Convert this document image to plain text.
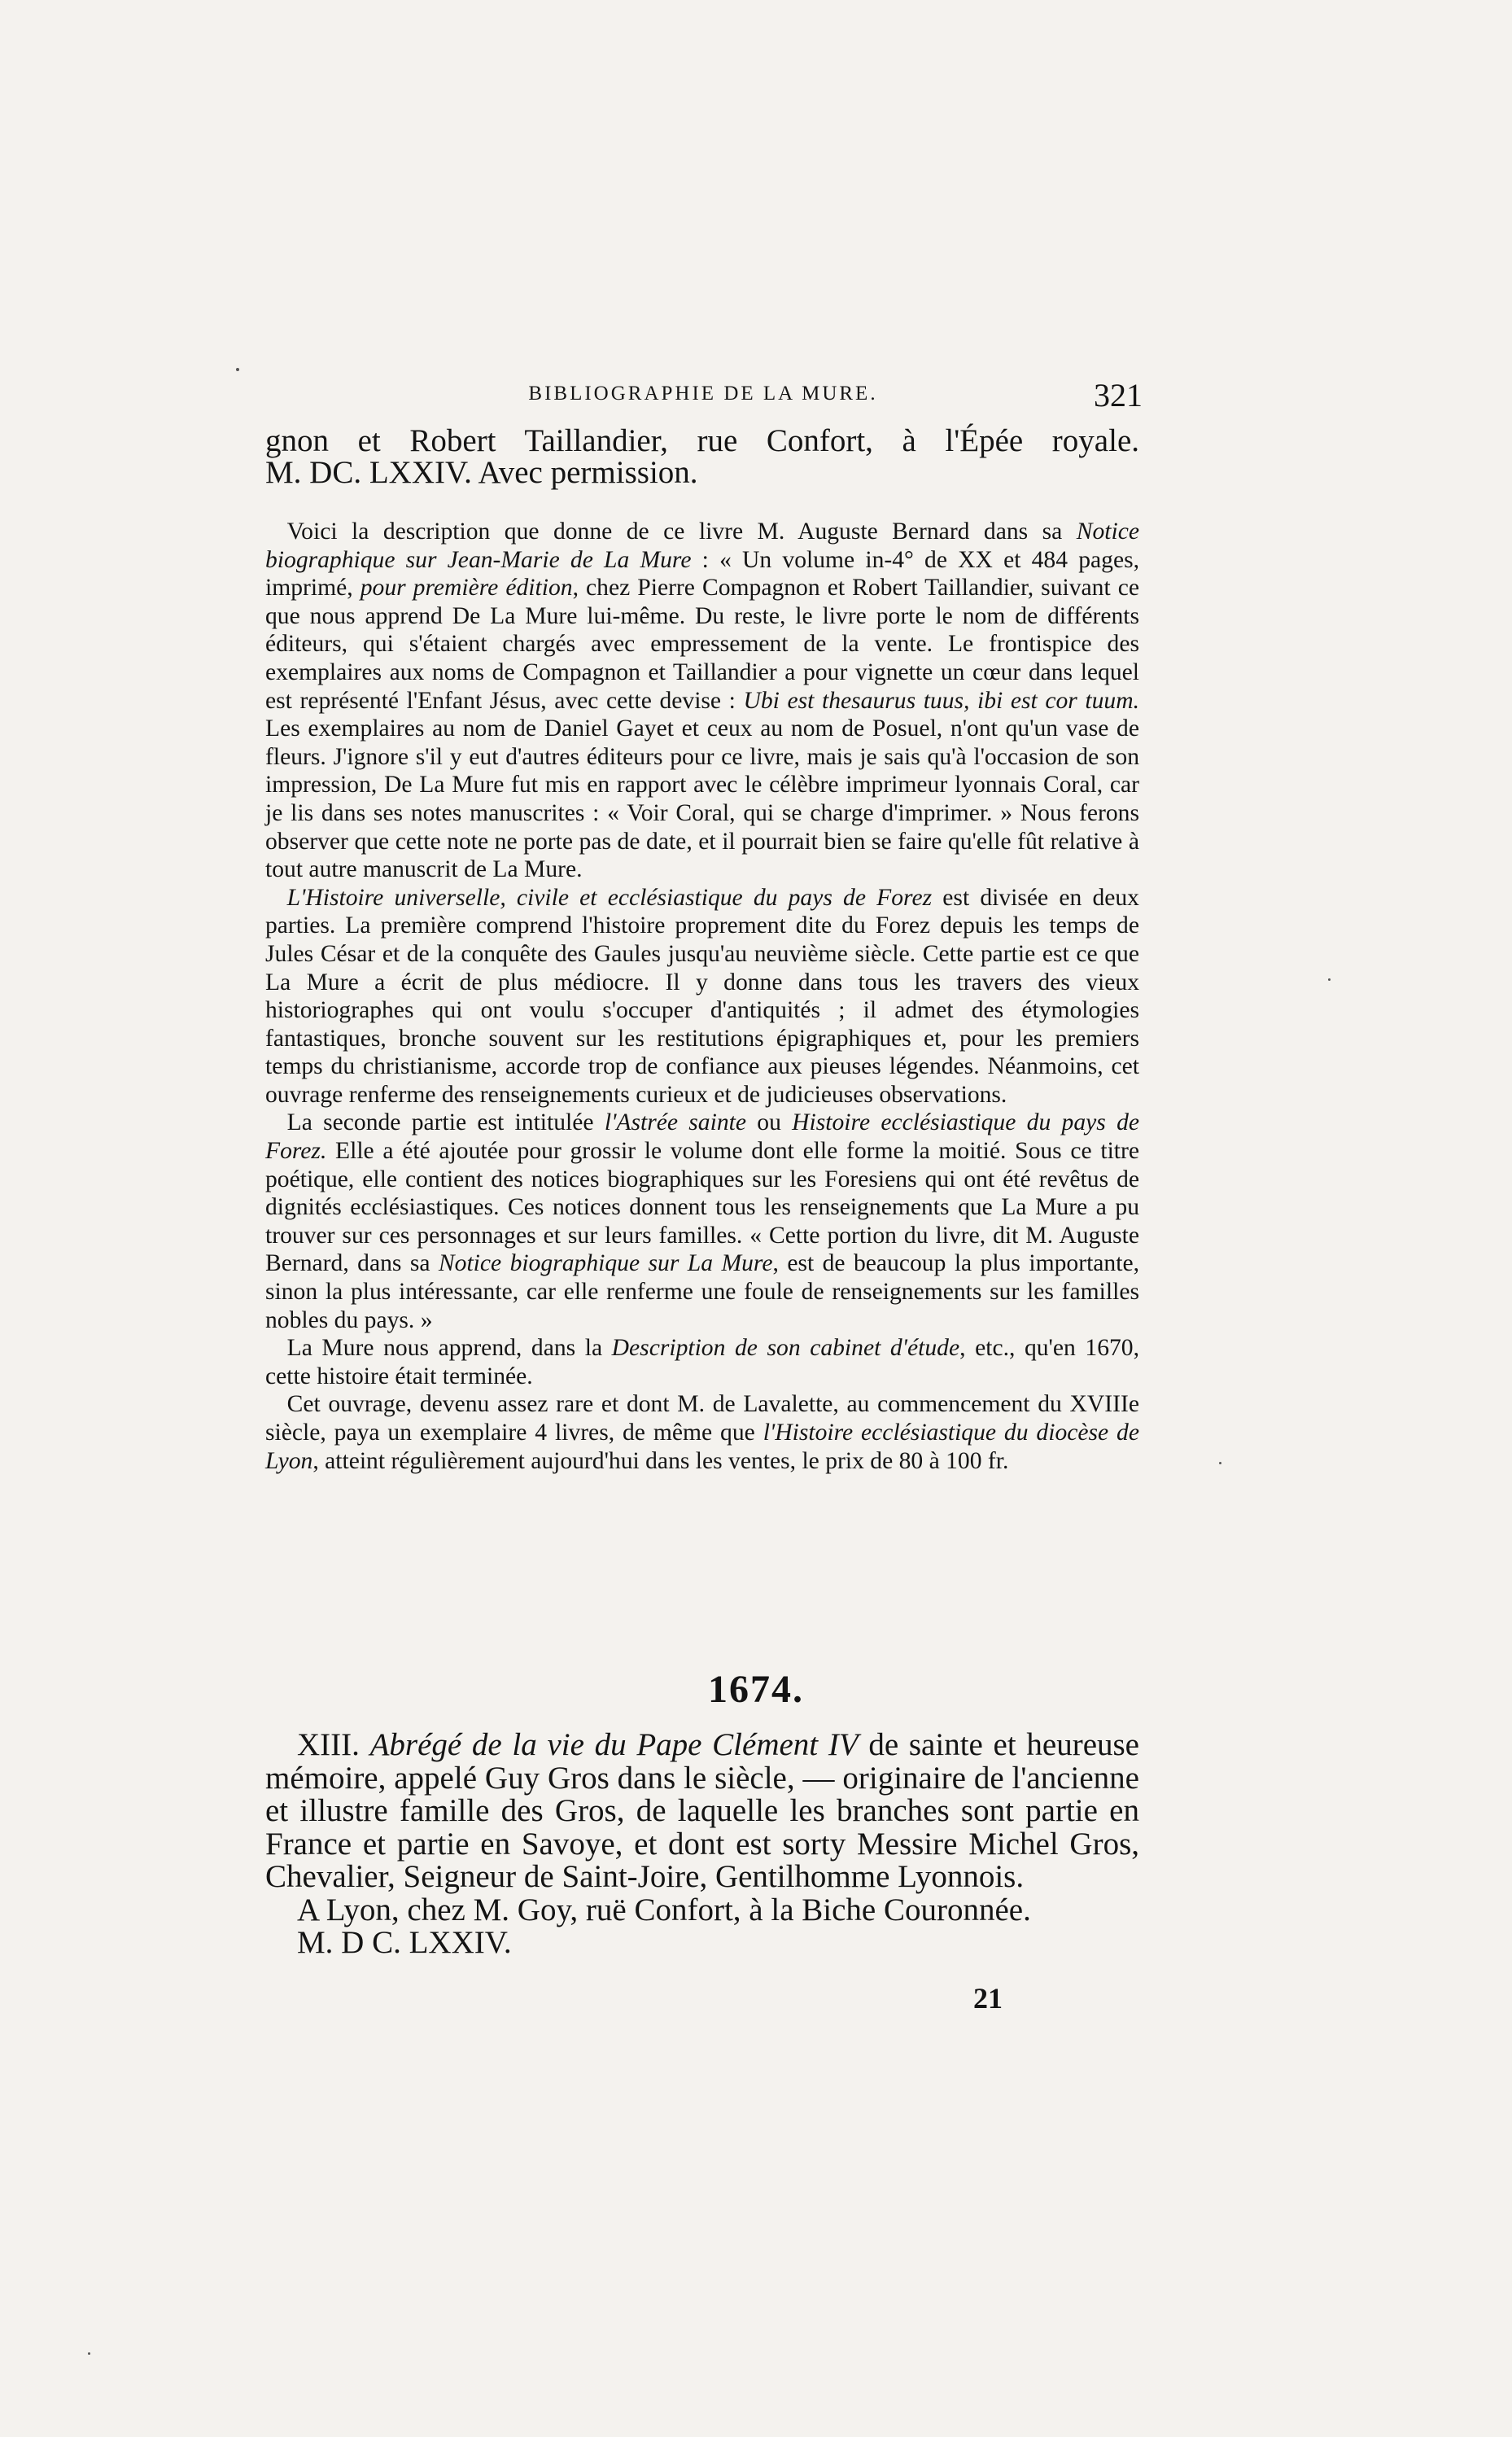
BIBLIOGRAPHIE DE LA MURE.	321
gnon et Robert Taillandier, rue Confort, à l'Épée royale.
M. DC. LXXIV. Avec permission.

Voici la description que donne de ce livre M. Auguste Bernard dans sa Notice biographique sur Jean-Marie de La Mure : « Un volume in-4° de XX et 484 pages, imprimé, pour première édition, chez Pierre Compagnon et Robert Taillandier, suivant ce que nous apprend De La Mure lui-même. Du reste, le livre porte le nom de différents éditeurs, qui s'étaient chargés avec empressement de la vente. Le frontispice des exemplaires aux noms de Compagnon et Taillandier a pour vignette un cœur dans lequel est représenté l'Enfant Jésus, avec cette devise : Ubi est thesaurus tuus, ibi est cor tuum. Les exemplaires au nom de Daniel Gayet et ceux au nom de Posuel, n'ont qu'un vase de fleurs. J'ignore s'il y eut d'autres éditeurs pour ce livre, mais je sais qu'à l'occasion de son impression, De La Mure fut mis en rapport avec le célèbre imprimeur lyonnais Coral, car je lis dans ses notes manuscrites : « Voir Coral, qui se charge d'imprimer. » Nous ferons observer que cette note ne porte pas de date, et il pourrait bien se faire qu'elle fût relative à tout autre manuscrit de La Mure.

L'Histoire universelle, civile et ecclésiastique du pays de Forez est divisée en deux parties. La première comprend l'histoire proprement dite du Forez depuis les temps de Jules César et de la conquête des Gaules jusqu'au neuvième siècle. Cette partie est ce que La Mure a écrit de plus médiocre. Il y donne dans tous les travers des vieux historiographes qui ont voulu s'occuper d'antiquités ; il admet des étymologies fantastiques, bronche souvent sur les restitutions épigraphiques et, pour les premiers temps du christianisme, accorde trop de confiance aux pieuses légendes. Néanmoins, cet ouvrage renferme des renseignements curieux et de judicieuses observations.

La seconde partie est intitulée l'Astrée sainte ou Histoire ecclésiastique du pays de Forez. Elle a été ajoutée pour grossir le volume dont elle forme la moitié. Sous ce titre poétique, elle contient des notices biographiques sur les Foresiens qui ont été revêtus de dignités ecclésiastiques. Ces notices donnent tous les renseignements que La Mure a pu trouver sur ces personnages et sur leurs familles. « Cette portion du livre, dit M. Auguste Bernard, dans sa Notice biographique sur La Mure, est de beaucoup la plus importante, sinon la plus intéressante, car elle renferme une foule de renseignements sur les familles nobles du pays. »

La Mure nous apprend, dans la Description de son cabinet d'étude, etc., qu'en 1670, cette histoire était terminée.

Cet ouvrage, devenu assez rare et dont M. de Lavalette, au commencement du XVIIIe siècle, paya un exemplaire 4 livres, de même que l'Histoire ecclésiastique du diocèse de Lyon, atteint régulièrement aujourd'hui dans les ventes, le prix de 80 à 100 fr.

1674.

XIII. Abrégé de la vie du Pape Clément IV de sainte et heureuse mémoire, appelé Guy Gros dans le siècle, — originaire de l'ancienne et illustre famille des Gros, de laquelle les branches sont partie en France et partie en Savoye, et dont est sorty Messire Michel Gros, Chevalier, Seigneur de Saint-Joire, Gentilhomme Lyonnois.

A Lyon, chez M. Goy, ruë Confort, à la Biche Couronnée.

M. D C. LXXIV.

21
